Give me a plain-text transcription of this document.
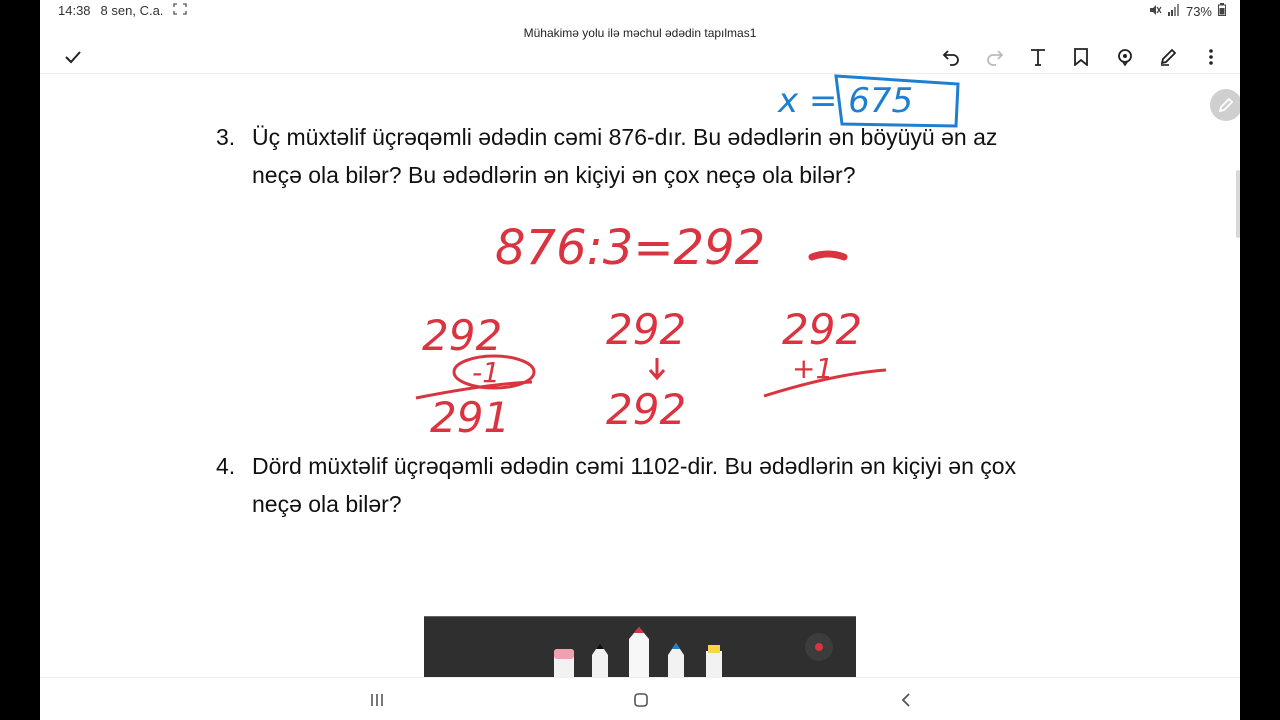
14:38 8 sen, C.a.	73%
Mühakimə yolu ilə məchul ədədin tapılmas1
3. Üç müxtəlif üçrəqəmli ədədin cəmi 876-dır. Bu ədədlərin ən böyüyü ən az
neçə ola bilər? Bu ədədlərin ən kiçiyi ən çox neçə ola bilər?
4. Dörd müxtəlif üçrəqəmli ədədin cəmi 1102-dir. Bu ədədlərin ən kiçiyi ən çox
neçə ola bilər?
x = 675
876:3=292
292
-1
291
292
292
292
+1
